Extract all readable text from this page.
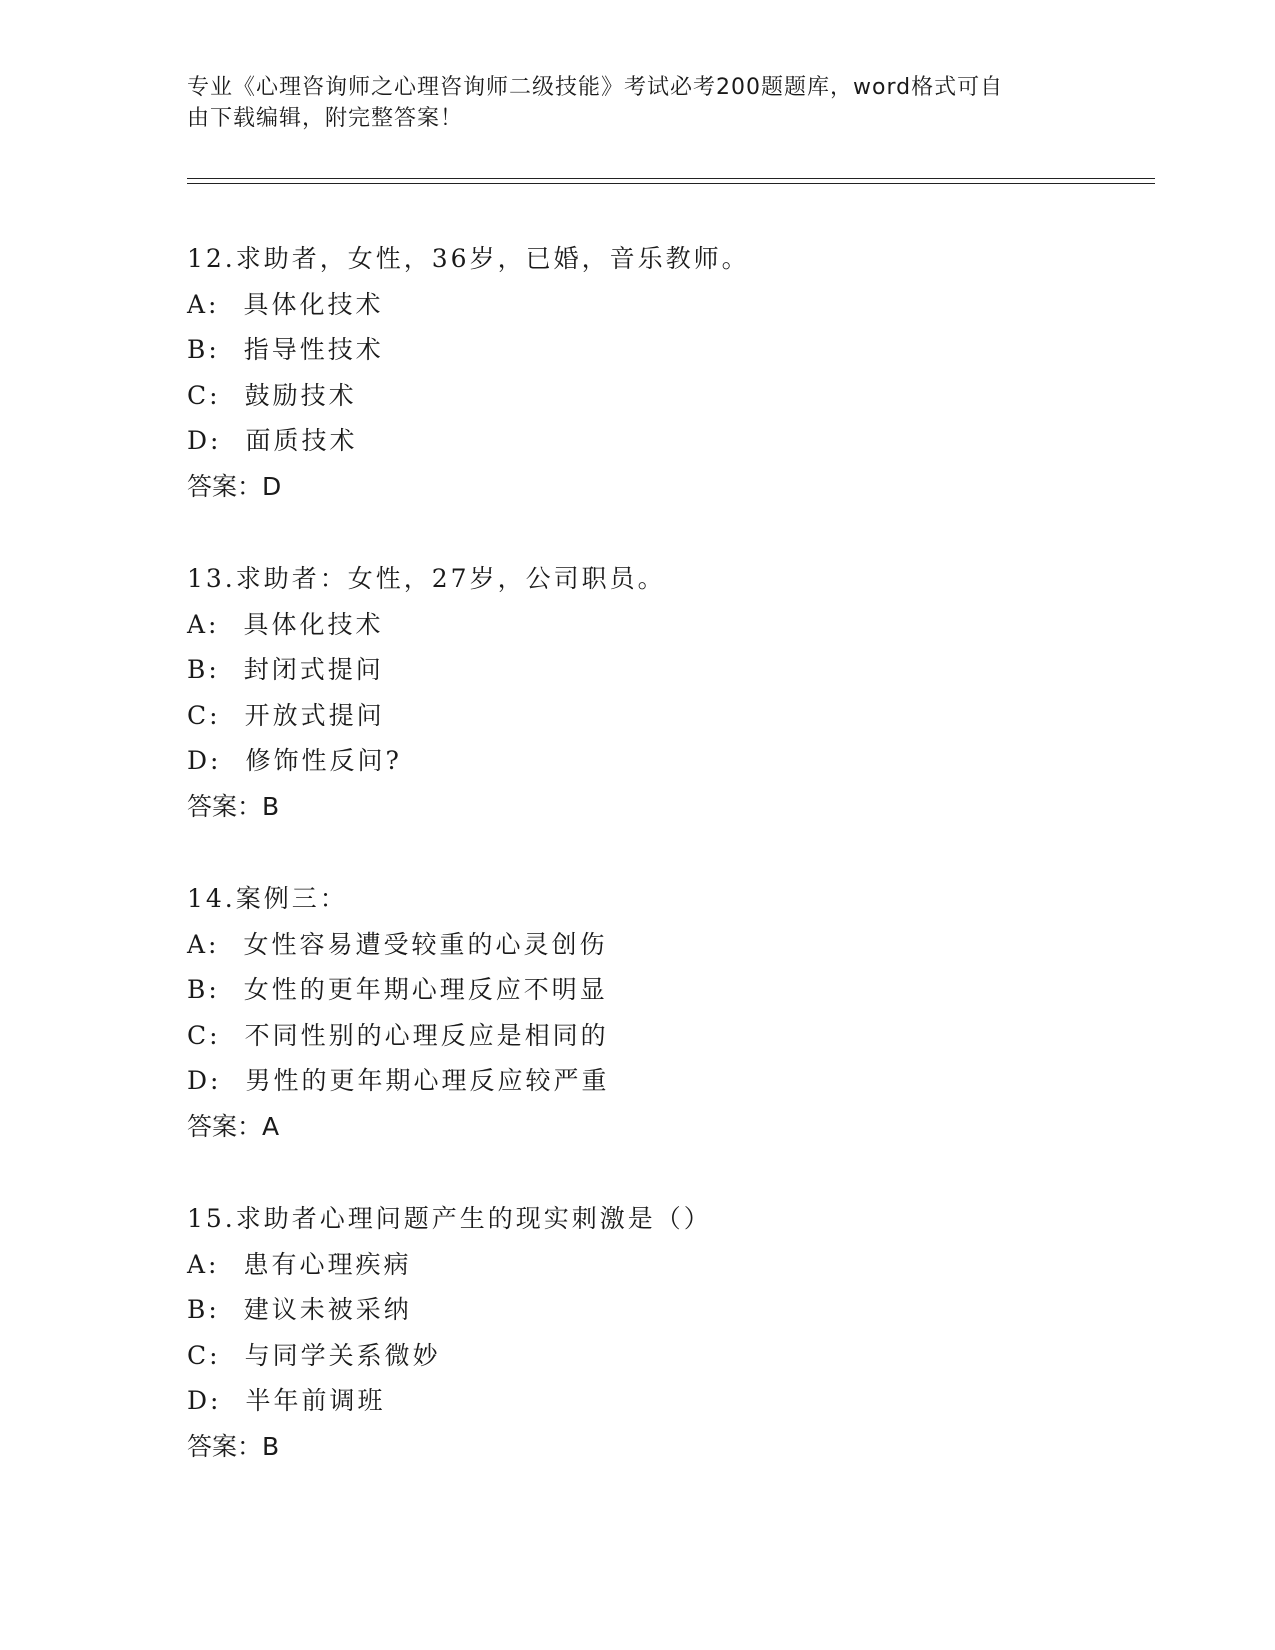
专业《心理咨询师之心理咨询师二级技能》考试必考200题题库，word格式可自
由下载编辑，附完整答案！
12.求助者，女性，36岁，已婚，音乐教师。
A: 具体化技术
B: 指导性技术
C: 鼓励技术
D: 面质技术
答案：D
13.求助者：女性，27岁，公司职员。
A: 具体化技术
B: 封闭式提问
C: 开放式提问
D: 修饰性反问?
答案：B
14.案例三：
A: 女性容易遭受较重的心灵创伤
B: 女性的更年期心理反应不明显
C: 不同性别的心理反应是相同的
D: 男性的更年期心理反应较严重
答案：A
15.求助者心理问题产生的现实刺激是（）
A: 患有心理疾病
B: 建议未被采纳
C: 与同学关系微妙
D: 半年前调班
答案：B
